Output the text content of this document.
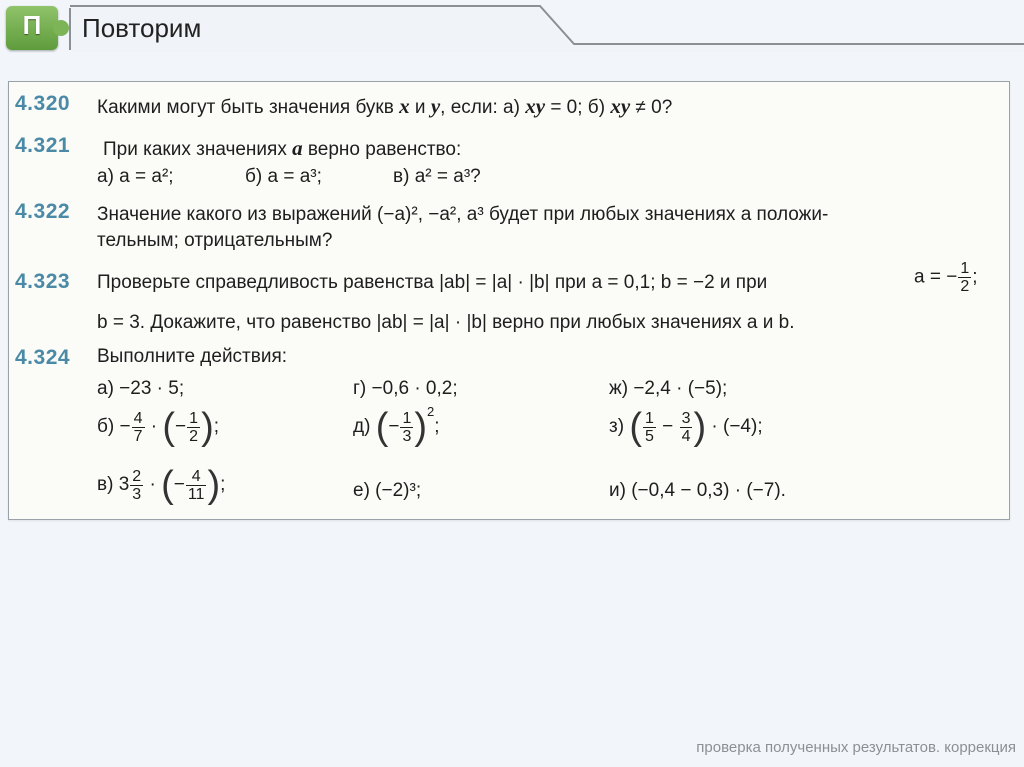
П	Повторим
4.320 Какими могут быть значения букв x и y, если: а) xy = 0; б) xy ≠ 0?
4.321 При каких значениях a верно равенство:
а) a = a²;	б) a = a³;	в) a² = a³?
4.322 Значение какого из выражений (−a)², −a², a³ будет при любых значениях a положи-
тельным; отрицательным?
4.323 Проверьте справедливость равенства |ab| = |a| · |b| при a = 0,1; b = −2 и при	a = − $\frac{1}{2}$ ;
b = 3. Докажите, что равенство |ab| = |a| · |b| верно при любых значениях a и b.
4.324 Выполните действия:
а) −23 · 5;	г) −0,6 · 0,2;	ж) −2,4 · (−5);
$б) - \frac{4}{7}$ · (− $\frac{1}{2}$ );	д) (− $\frac{1}{3} )^2$;	з) ( $\frac{1}{5} - \frac{3}{4}$ ) · (−4);
в) $3 \frac{2}{3}$ · (− $\frac{4}{11}$ );	е) (−2)³;	и) (−0,4 − 0,3) · (−7).
проверка полученных результатов. коррекция
